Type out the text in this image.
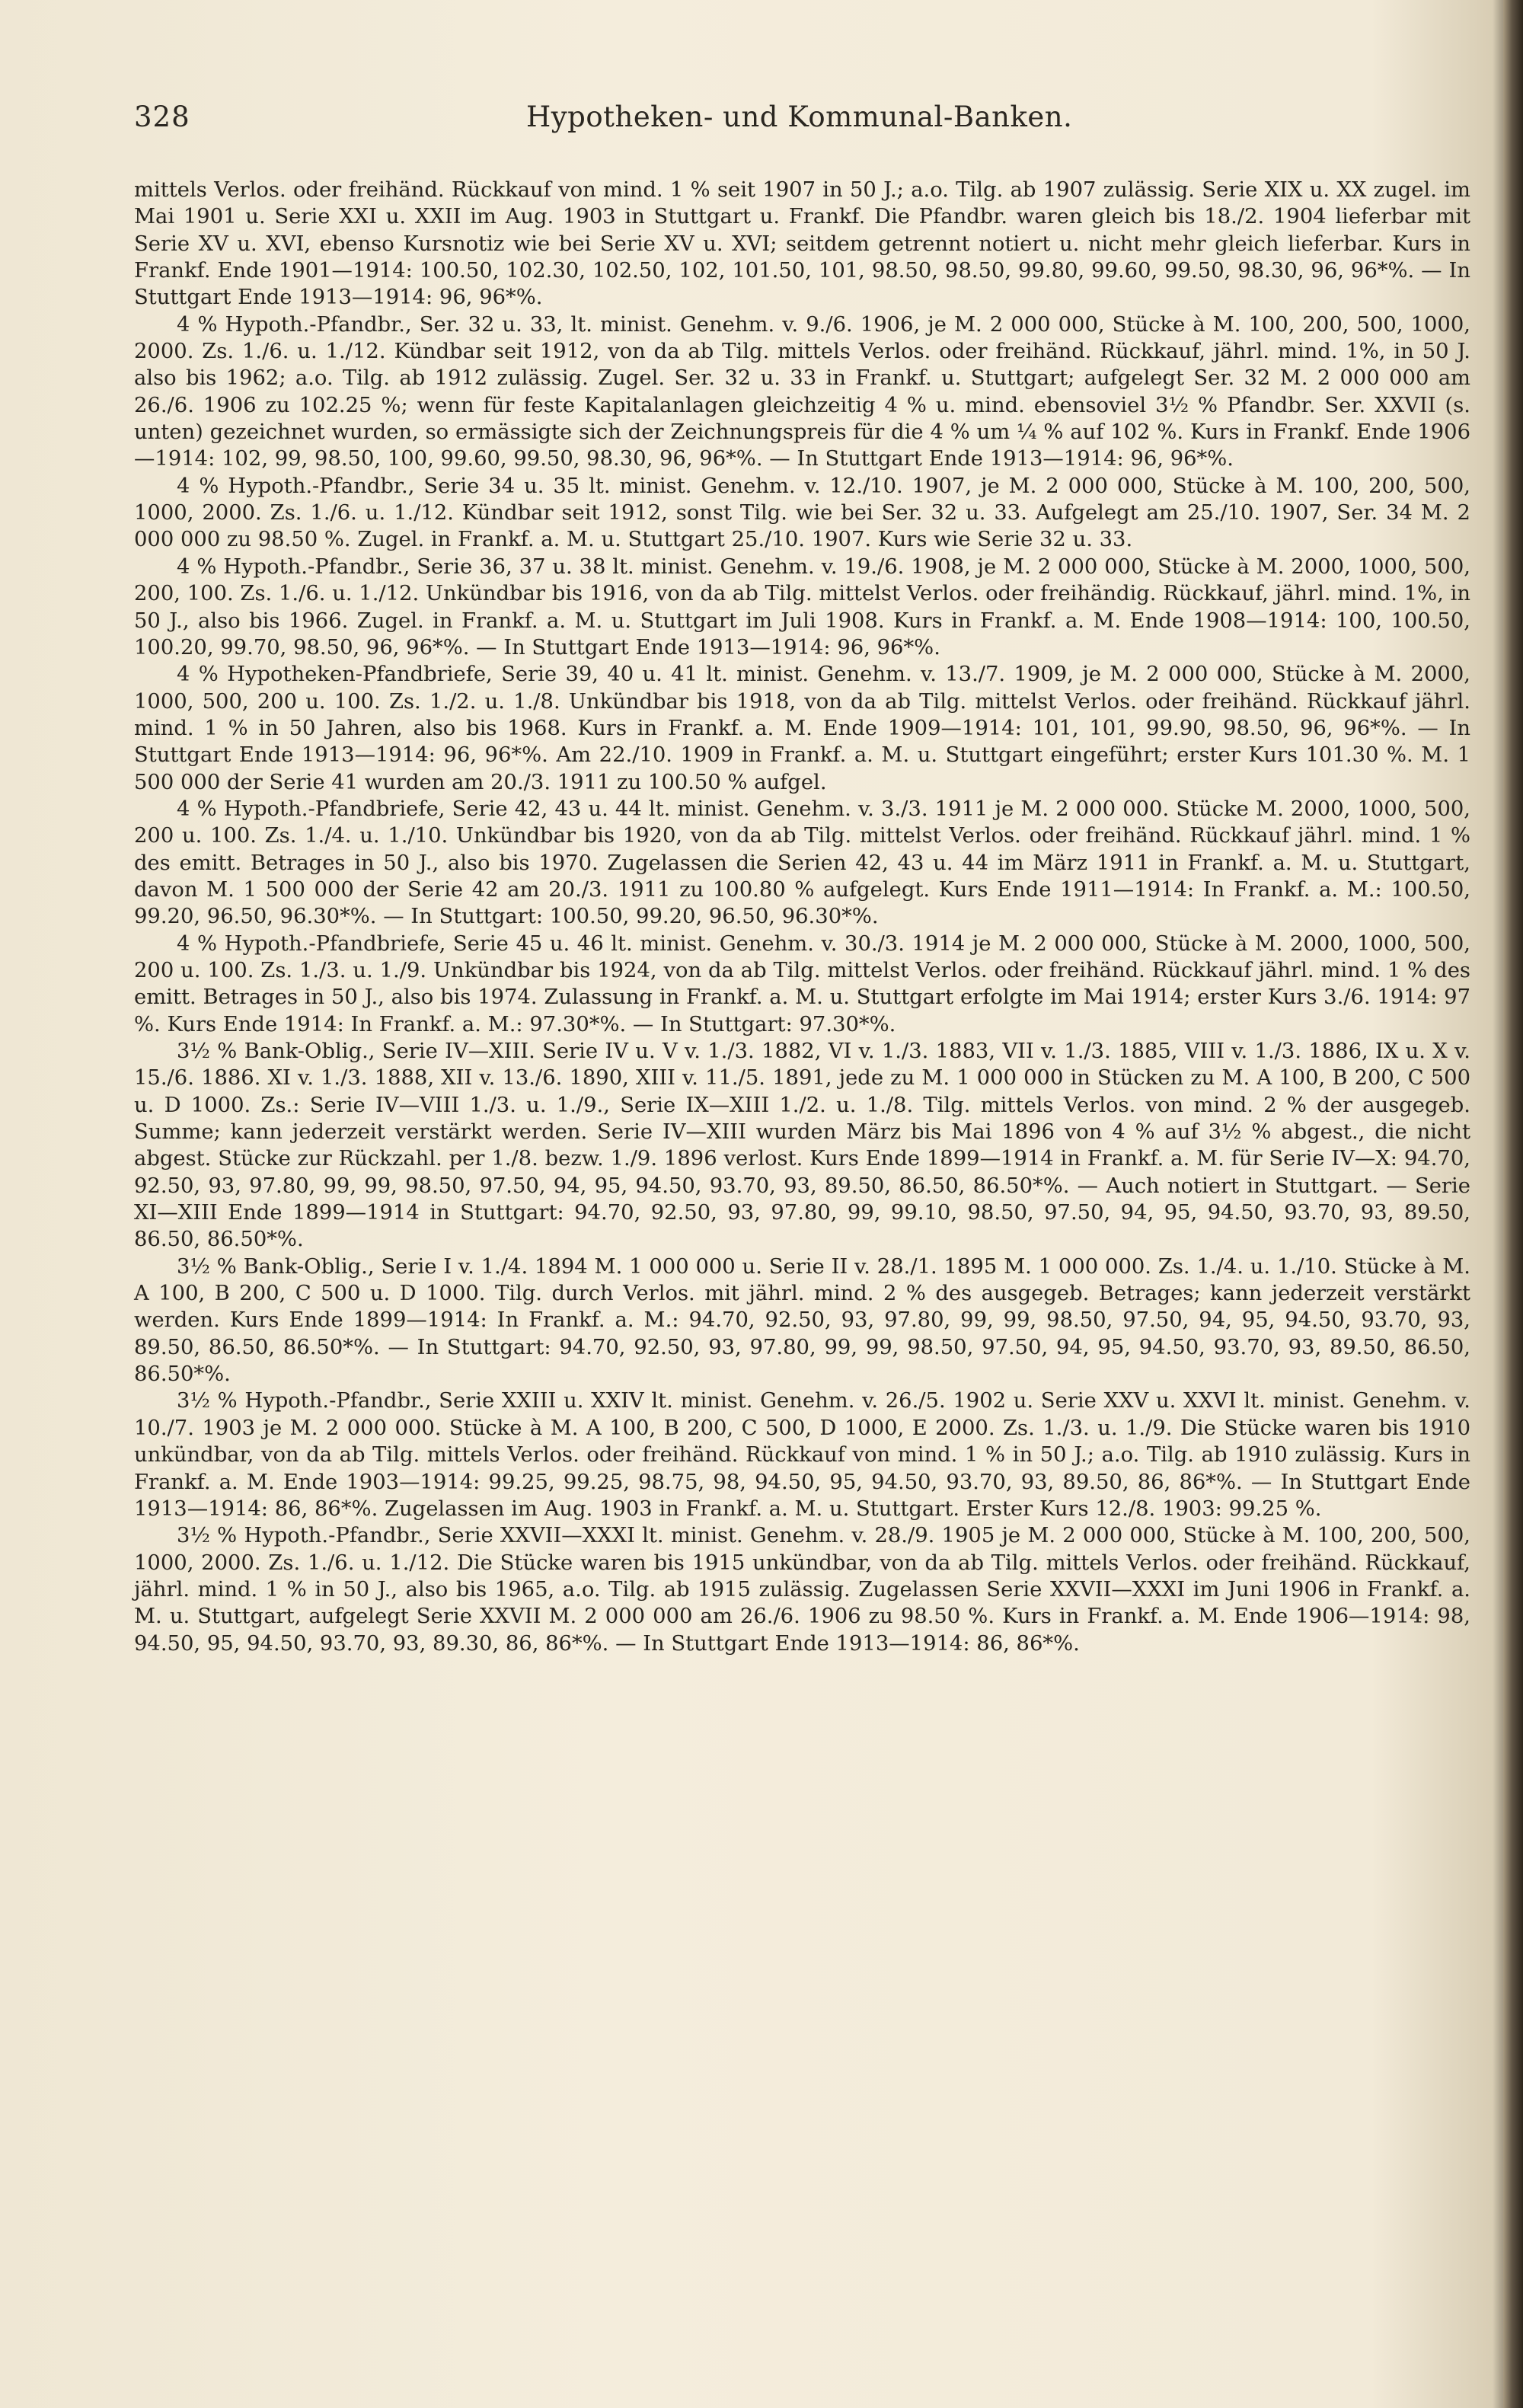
328	Hypotheken- und Kommunal-Banken.

mittels Verlos. oder freihänd. Rückkauf von mind. 1 % seit 1907 in 50 J.; a.o. Tilg. ab 1907 zulässig. Serie XIX u. XX zugel. im Mai 1901 u. Serie XXI u. XXII im Aug. 1903 in Stuttgart u. Frankf. Die Pfandbr. waren gleich bis 18./2. 1904 lieferbar mit Serie XV u. XVI, ebenso Kursnotiz wie bei Serie XV u. XVI; seitdem getrennt notiert u. nicht mehr gleich lieferbar. Kurs in Frankf. Ende 1901—1914: 100.50, 102.30, 102.50, 102, 101.50, 101, 98.50, 98.50, 99.80, 99.60, 99.50, 98.30, 96, 96*%. — In Stuttgart Ende 1913—1914: 96, 96*%.

4 % Hypoth.-Pfandbr., Ser. 32 u. 33, lt. minist. Genehm. v. 9./6. 1906, je M. 2 000 000, Stücke à M. 100, 200, 500, 1000, 2000. Zs. 1./6. u. 1./12. Kündbar seit 1912, von da ab Tilg. mittels Verlos. oder freihänd. Rückkauf, jährl. mind. 1%, in 50 J. also bis 1962; a.o. Tilg. ab 1912 zulässig. Zugel. Ser. 32 u. 33 in Frankf. u. Stuttgart; aufgelegt Ser. 32 M. 2 000 000 am 26./6. 1906 zu 102.25 %; wenn für feste Kapitalanlagen gleichzeitig 4 % u. mind. ebensoviel 3½ % Pfandbr. Ser. XXVII (s. unten) gezeichnet wurden, so ermässigte sich der Zeichnungspreis für die 4 % um ¼ % auf 102 %. Kurs in Frankf. Ende 1906—1914: 102, 99, 98.50, 100, 99.60, 99.50, 98.30, 96, 96*%. — In Stuttgart Ende 1913—1914: 96, 96*%.

4 % Hypoth.-Pfandbr., Serie 34 u. 35 lt. minist. Genehm. v. 12./10. 1907, je M. 2 000 000, Stücke à M. 100, 200, 500, 1000, 2000. Zs. 1./6. u. 1./12. Kündbar seit 1912, sonst Tilg. wie bei Ser. 32 u. 33. Aufgelegt am 25./10. 1907, Ser. 34 M. 2 000 000 zu 98.50 %. Zugel. in Frankf. a. M. u. Stuttgart 25./10. 1907. Kurs wie Serie 32 u. 33.

4 % Hypoth.-Pfandbr., Serie 36, 37 u. 38 lt. minist. Genehm. v. 19./6. 1908, je M. 2 000 000, Stücke à M. 2000, 1000, 500, 200, 100. Zs. 1./6. u. 1./12. Unkündbar bis 1916, von da ab Tilg. mittelst Verlos. oder freihändig. Rückkauf, jährl. mind. 1%, in 50 J., also bis 1966. Zugel. in Frankf. a. M. u. Stuttgart im Juli 1908. Kurs in Frankf. a. M. Ende 1908—1914: 100, 100.50, 100.20, 99.70, 98.50, 96, 96*%. — In Stuttgart Ende 1913—1914: 96, 96*%.

4 % Hypotheken-Pfandbriefe, Serie 39, 40 u. 41 lt. minist. Genehm. v. 13./7. 1909, je M. 2 000 000, Stücke à M. 2000, 1000, 500, 200 u. 100. Zs. 1./2. u. 1./8. Unkündbar bis 1918, von da ab Tilg. mittelst Verlos. oder freihänd. Rückkauf jährl. mind. 1 % in 50 Jahren, also bis 1968. Kurs in Frankf. a. M. Ende 1909—1914: 101, 101, 99.90, 98.50, 96, 96*%. — In Stuttgart Ende 1913—1914: 96, 96*%. Am 22./10. 1909 in Frankf. a. M. u. Stuttgart eingeführt; erster Kurs 101.30 %. M. 1 500 000 der Serie 41 wurden am 20./3. 1911 zu 100.50 % aufgel.

4 % Hypoth.-Pfandbriefe, Serie 42, 43 u. 44 lt. minist. Genehm. v. 3./3. 1911 je M. 2 000 000. Stücke M. 2000, 1000, 500, 200 u. 100. Zs. 1./4. u. 1./10. Unkündbar bis 1920, von da ab Tilg. mittelst Verlos. oder freihänd. Rückkauf jährl. mind. 1 % des emitt. Betrages in 50 J., also bis 1970. Zugelassen die Serien 42, 43 u. 44 im März 1911 in Frankf. a. M. u. Stuttgart, davon M. 1 500 000 der Serie 42 am 20./3. 1911 zu 100.80 % aufgelegt. Kurs Ende 1911—1914: In Frankf. a. M.: 100.50, 99.20, 96.50, 96.30*%. — In Stuttgart: 100.50, 99.20, 96.50, 96.30*%.

4 % Hypoth.-Pfandbriefe, Serie 45 u. 46 lt. minist. Genehm. v. 30./3. 1914 je M. 2 000 000, Stücke à M. 2000, 1000, 500, 200 u. 100. Zs. 1./3. u. 1./9. Unkündbar bis 1924, von da ab Tilg. mittelst Verlos. oder freihänd. Rückkauf jährl. mind. 1 % des emitt. Betrages in 50 J., also bis 1974. Zulassung in Frankf. a. M. u. Stuttgart erfolgte im Mai 1914; erster Kurs 3./6. 1914: 97 %. Kurs Ende 1914: In Frankf. a. M.: 97.30*%. — In Stuttgart: 97.30*%.

3½ % Bank-Oblig., Serie IV—XIII. Serie IV u. V v. 1./3. 1882, VI v. 1./3. 1883, VII v. 1./3. 1885, VIII v. 1./3. 1886, IX u. X v. 15./6. 1886. XI v. 1./3. 1888, XII v. 13./6. 1890, XIII v. 11./5. 1891, jede zu M. 1 000 000 in Stücken zu M. A 100, B 200, C 500 u. D 1000. Zs.: Serie IV—VIII 1./3. u. 1./9., Serie IX—XIII 1./2. u. 1./8. Tilg. mittels Verlos. von mind. 2 % der ausgegeb. Summe; kann jederzeit verstärkt werden. Serie IV—XIII wurden März bis Mai 1896 von 4 % auf 3½ % abgest., die nicht abgest. Stücke zur Rückzahl. per 1./8. bezw. 1./9. 1896 verlost. Kurs Ende 1899—1914 in Frankf. a. M. für Serie IV—X: 94.70, 92.50, 93, 97.80, 99, 99, 98.50, 97.50, 94, 95, 94.50, 93.70, 93, 89.50, 86.50, 86.50*%. — Auch notiert in Stuttgart. — Serie XI—XIII Ende 1899—1914 in Stuttgart: 94.70, 92.50, 93, 97.80, 99, 99.10, 98.50, 97.50, 94, 95, 94.50, 93.70, 93, 89.50, 86.50, 86.50*%.

3½ % Bank-Oblig., Serie I v. 1./4. 1894 M. 1 000 000 u. Serie II v. 28./1. 1895 M. 1 000 000. Zs. 1./4. u. 1./10. Stücke à M. A 100, B 200, C 500 u. D 1000. Tilg. durch Verlos. mit jährl. mind. 2 % des ausgegeb. Betrages; kann jederzeit verstärkt werden. Kurs Ende 1899—1914: In Frankf. a. M.: 94.70, 92.50, 93, 97.80, 99, 99, 98.50, 97.50, 94, 95, 94.50, 93.70, 93, 89.50, 86.50, 86.50*%. — In Stuttgart: 94.70, 92.50, 93, 97.80, 99, 99, 98.50, 97.50, 94, 95, 94.50, 93.70, 93, 89.50, 86.50, 86.50*%.

3½ % Hypoth.-Pfandbr., Serie XXIII u. XXIV lt. minist. Genehm. v. 26./5. 1902 u. Serie XXV u. XXVI lt. minist. Genehm. v. 10./7. 1903 je M. 2 000 000. Stücke à M. A 100, B 200, C 500, D 1000, E 2000. Zs. 1./3. u. 1./9. Die Stücke waren bis 1910 unkündbar, von da ab Tilg. mittels Verlos. oder freihänd. Rückkauf von mind. 1 % in 50 J.; a.o. Tilg. ab 1910 zulässig. Kurs in Frankf. a. M. Ende 1903—1914: 99.25, 99.25, 98.75, 98, 94.50, 95, 94.50, 93.70, 93, 89.50, 86, 86*%. — In Stuttgart Ende 1913—1914: 86, 86*%. Zugelassen im Aug. 1903 in Frankf. a. M. u. Stuttgart. Erster Kurs 12./8. 1903: 99.25 %.

3½ % Hypoth.-Pfandbr., Serie XXVII—XXXI lt. minist. Genehm. v. 28./9. 1905 je M. 2 000 000, Stücke à M. 100, 200, 500, 1000, 2000. Zs. 1./6. u. 1./12. Die Stücke waren bis 1915 unkündbar, von da ab Tilg. mittels Verlos. oder freihänd. Rückkauf, jährl. mind. 1 % in 50 J., also bis 1965, a.o. Tilg. ab 1915 zulässig. Zugelassen Serie XXVII—XXXI im Juni 1906 in Frankf. a. M. u. Stuttgart, aufgelegt Serie XXVII M. 2 000 000 am 26./6. 1906 zu 98.50 %. Kurs in Frankf. a. M. Ende 1906—1914: 98, 94.50, 95, 94.50, 93.70, 93, 89.30, 86, 86*%. — In Stuttgart Ende 1913—1914: 86, 86*%.
